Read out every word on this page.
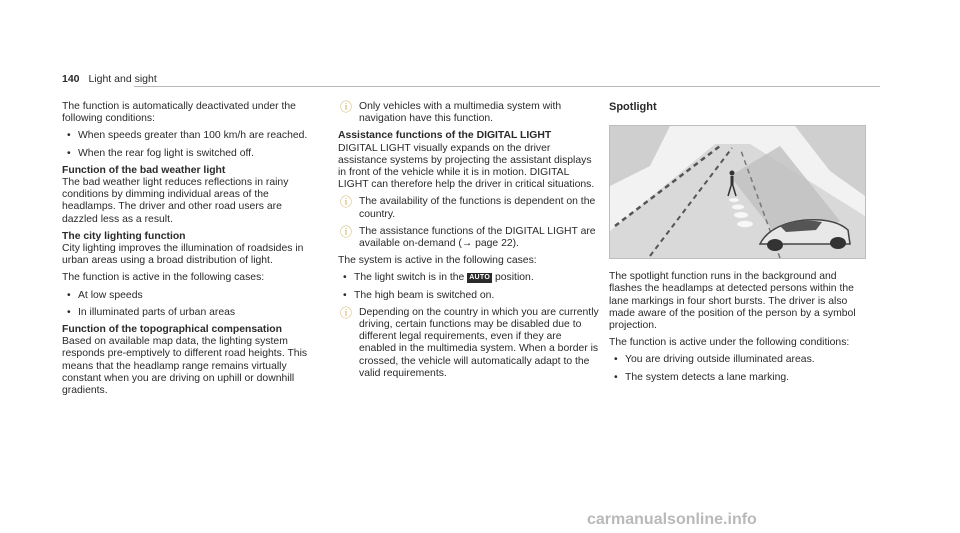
140 Light and sight

The function is automatically deactivated under the following conditions:

• When speeds greater than 100 km/h are reached.
• When the rear fog light is switched off.
Function of the bad weather light

The bad weather light reduces reflections in rainy conditions by dimming individual areas of the headlamps. The driver and other road users are dazzled less as a result.

The city lighting function

City lighting improves the illumination of roadsides in urban areas using a broad distribution of light.

The function is active in the following cases:

• At low speeds
• In illuminated parts of urban areas
Function of the topographical compensation

Based on available map data, the lighting system responds pre-emptively to different road heights. This means that the headlamp range remains virtually constant when you are driving on uphill or downhill gradients.

ⓘ Only vehicles with a multimedia system with navigation have this function.
Assistance functions of the DIGITAL LIGHT

DIGITAL LIGHT visually expands on the driver assistance systems by projecting the assistant displays in front of the vehicle while it is in motion. DIGITAL LIGHT can therefore help the driver in critical situations.

ⓘ The availability of the functions is dependent on the country.
ⓘ The assistance functions of the DIGITAL LIGHT are available on-demand (→ page 22).

The system is active in the following cases:

• The light switch is in the AUTO position.
• The high beam is switched on.
ⓘ Depending on the country in which you are currently driving, certain functions may be disabled due to different legal requirements, even if they are enabled in the multimedia system. When a border is crossed, the vehicle will automatically adapt to the valid requirements.
Spotlight

The spotlight function runs in the background and flashes the headlamps at detected persons within the lane markings in four short bursts. The driver is also made aware of the position of the person by a symbol projection.

The function is active under the following conditions:

• You are driving outside illuminated areas.
• The system detects a lane marking.
carmanualsonline.info
